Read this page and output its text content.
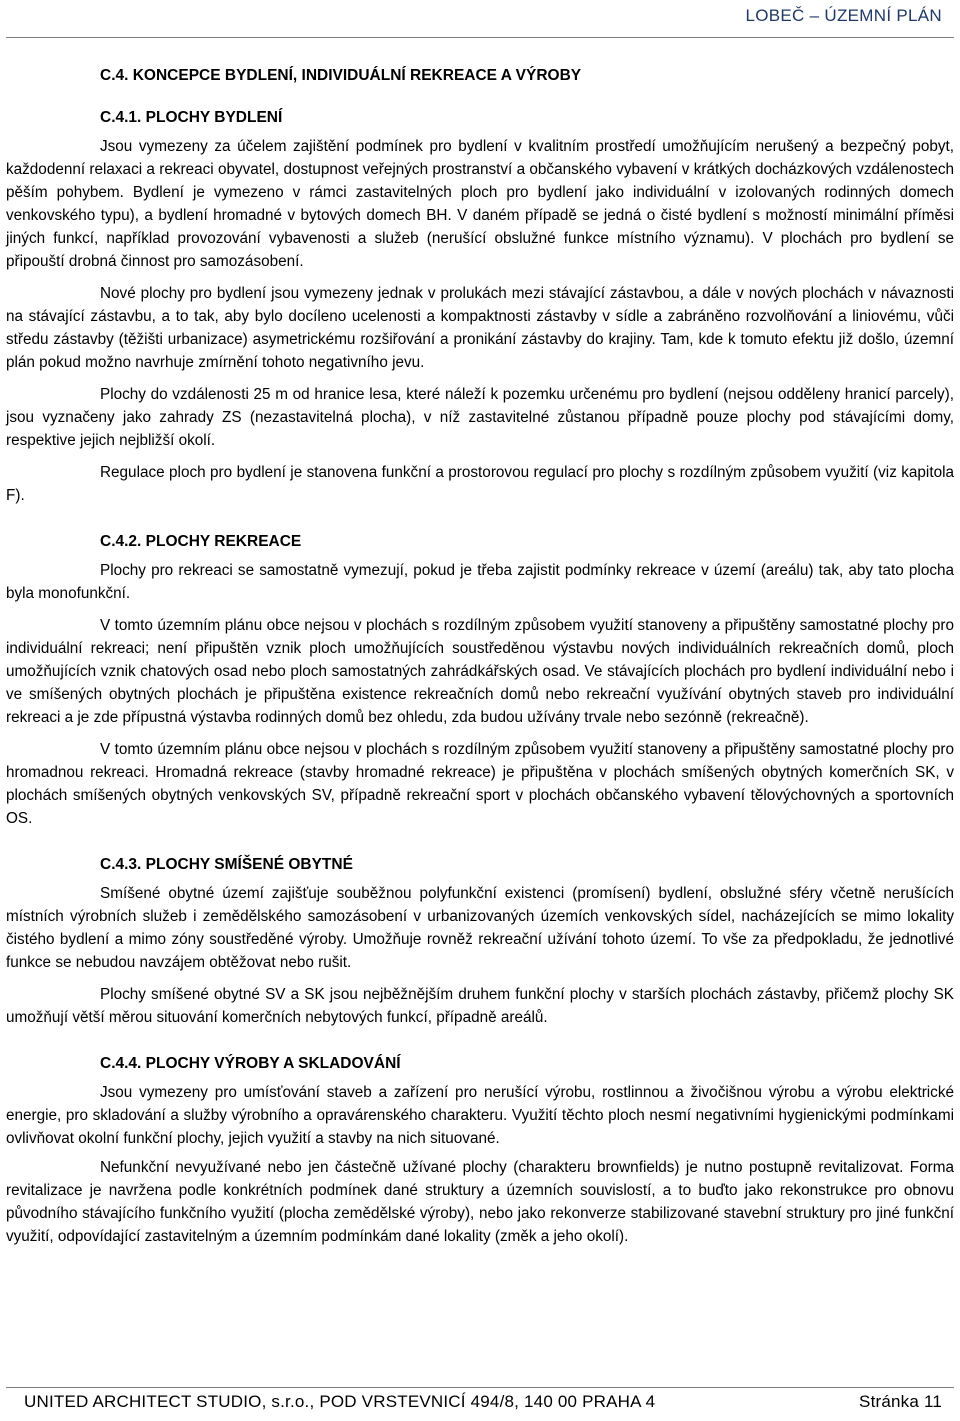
LOBEČ – ÚZEMNÍ PLÁN
C.4. KONCEPCE BYDLENÍ, INDIVIDUÁLNÍ REKREACE A VÝROBY
C.4.1. PLOCHY BYDLENÍ

Jsou vymezeny za účelem zajištění podmínek pro bydlení v kvalitním prostředí umožňujícím nerušený a bezpečný pobyt, každodenní relaxaci a rekreaci obyvatel, dostupnost veřejných prostranství a občanského vybavení v krátkých docházkových vzdálenostech pěším pohybem. Bydlení je vymezeno v rámci zastavitelných ploch pro bydlení jako individuální v izolovaných rodinných domech venkovského typu), a bydlení hromadné v bytových domech BH. V daném případě se jedná o čisté bydlení s možností minimální příměsi jiných funkcí, například provozování vybavenosti a služeb (nerušící obslužné funkce místního významu). V plochách pro bydlení se připouští drobná činnost pro samozásobení.

Nové plochy pro bydlení jsou vymezeny jednak v prolukách mezi stávající zástavbou, a dále v nových plochách v návaznosti na stávající zástavbu, a to tak, aby bylo docíleno ucelenosti a kompaktnosti zástavby v sídle a zabráněno rozvolňování a liniovému, vůči středu zástavby (těžišti urbanizace) asymetrickému rozšiřování a pronikání zástavby do krajiny. Tam, kde k tomuto efektu již došlo, územní plán pokud možno navrhuje zmírnění tohoto negativního jevu.

Plochy do vzdálenosti 25 m od hranice lesa, které náleží k pozemku určenému pro bydlení (nejsou odděleny hranicí parcely), jsou vyznačeny jako zahrady ZS (nezastavitelná plocha), v níž zastavitelné zůstanou případně pouze plochy pod stávajícími domy, respektive jejich nejbližší okolí.

Regulace ploch pro bydlení je stanovena funkční a prostorovou regulací pro plochy s rozdílným způsobem využití (viz kapitola F).

C.4.2. PLOCHY REKREACE

Plochy pro rekreaci se samostatně vymezují, pokud je třeba zajistit podmínky rekreace v území (areálu) tak, aby tato plocha byla monofunkční.

V tomto územním plánu obce nejsou v plochách s rozdílným způsobem využití stanoveny a připuštěny samostatné plochy pro individuální rekreaci; není připuštěn vznik ploch umožňujících soustředěnou výstavbu nových individuálních rekreačních domů, ploch umožňujících vznik chatových osad nebo ploch samostatných zahrádkářských osad. Ve stávajících plochách pro bydlení individuální nebo i ve smíšených obytných plochách je připuštěna existence rekreačních domů nebo rekreační využívání obytných staveb pro individuální rekreaci a je zde přípustná výstavba rodinných domů bez ohledu, zda budou užívány trvale nebo sezónně (rekreačně).

V tomto územním plánu obce nejsou v plochách s rozdílným způsobem využití stanoveny a připuštěny samostatné plochy pro hromadnou rekreaci. Hromadná rekreace (stavby hromadné rekreace) je připuštěna v plochách smíšených obytných komerčních SK, v plochách smíšených obytných venkovských SV, případně rekreační sport v plochách občanského vybavení tělovýchovných a sportovních OS.

C.4.3. PLOCHY SMÍŠENÉ OBYTNÉ

Smíšené obytné území zajišťuje souběžnou polyfunkční existenci (promísení) bydlení, obslužné sféry včetně nerušících místních výrobních služeb i zemědělského samozásobení v urbanizovaných územích venkovských sídel, nacházejících se mimo lokality čistého bydlení a mimo zóny soustředěné výroby. Umožňuje rovněž rekreační užívání tohoto území. To vše za předpokladu, že jednotlivé funkce se nebudou navzájem obtěžovat nebo rušit.

Plochy smíšené obytné SV a SK jsou nejběžnějším druhem funkční plochy v starších plochách zástavby, přičemž plochy SK umožňují větší měrou situování komerčních nebytových funkcí, případně areálů.

C.4.4. PLOCHY VÝROBY A SKLADOVÁNÍ

Jsou vymezeny pro umísťování staveb a zařízení pro nerušící výrobu, rostlinnou a živočišnou výrobu a výrobu elektrické energie, pro skladování a služby výrobního a opravárenského charakteru. Využití těchto ploch nesmí negativními hygienickými podmínkami ovlivňovat okolní funkční plochy, jejich využití a stavby na nich situované.

Nefunkční nevyužívané nebo jen částečně užívané plochy (charakteru brownfields) je nutno postupně revitalizovat. Forma revitalizace je navržena podle konkrétních podmínek dané struktury a územních souvislostí, a to buďto jako rekonstrukce pro obnovu původního stávajícího funkčního využití (plocha zemědělské výroby), nebo jako rekonverze stabilizované stavební struktury pro jiné funkční využití, odpovídající zastavitelným a územním podmínkám dané lokality (změk a jeho okolí).

UNITED ARCHITECT STUDIO, s.r.o., POD VRSTEVNICÍ 494/8, 140 00 PRAHA 4	Stránka 11
